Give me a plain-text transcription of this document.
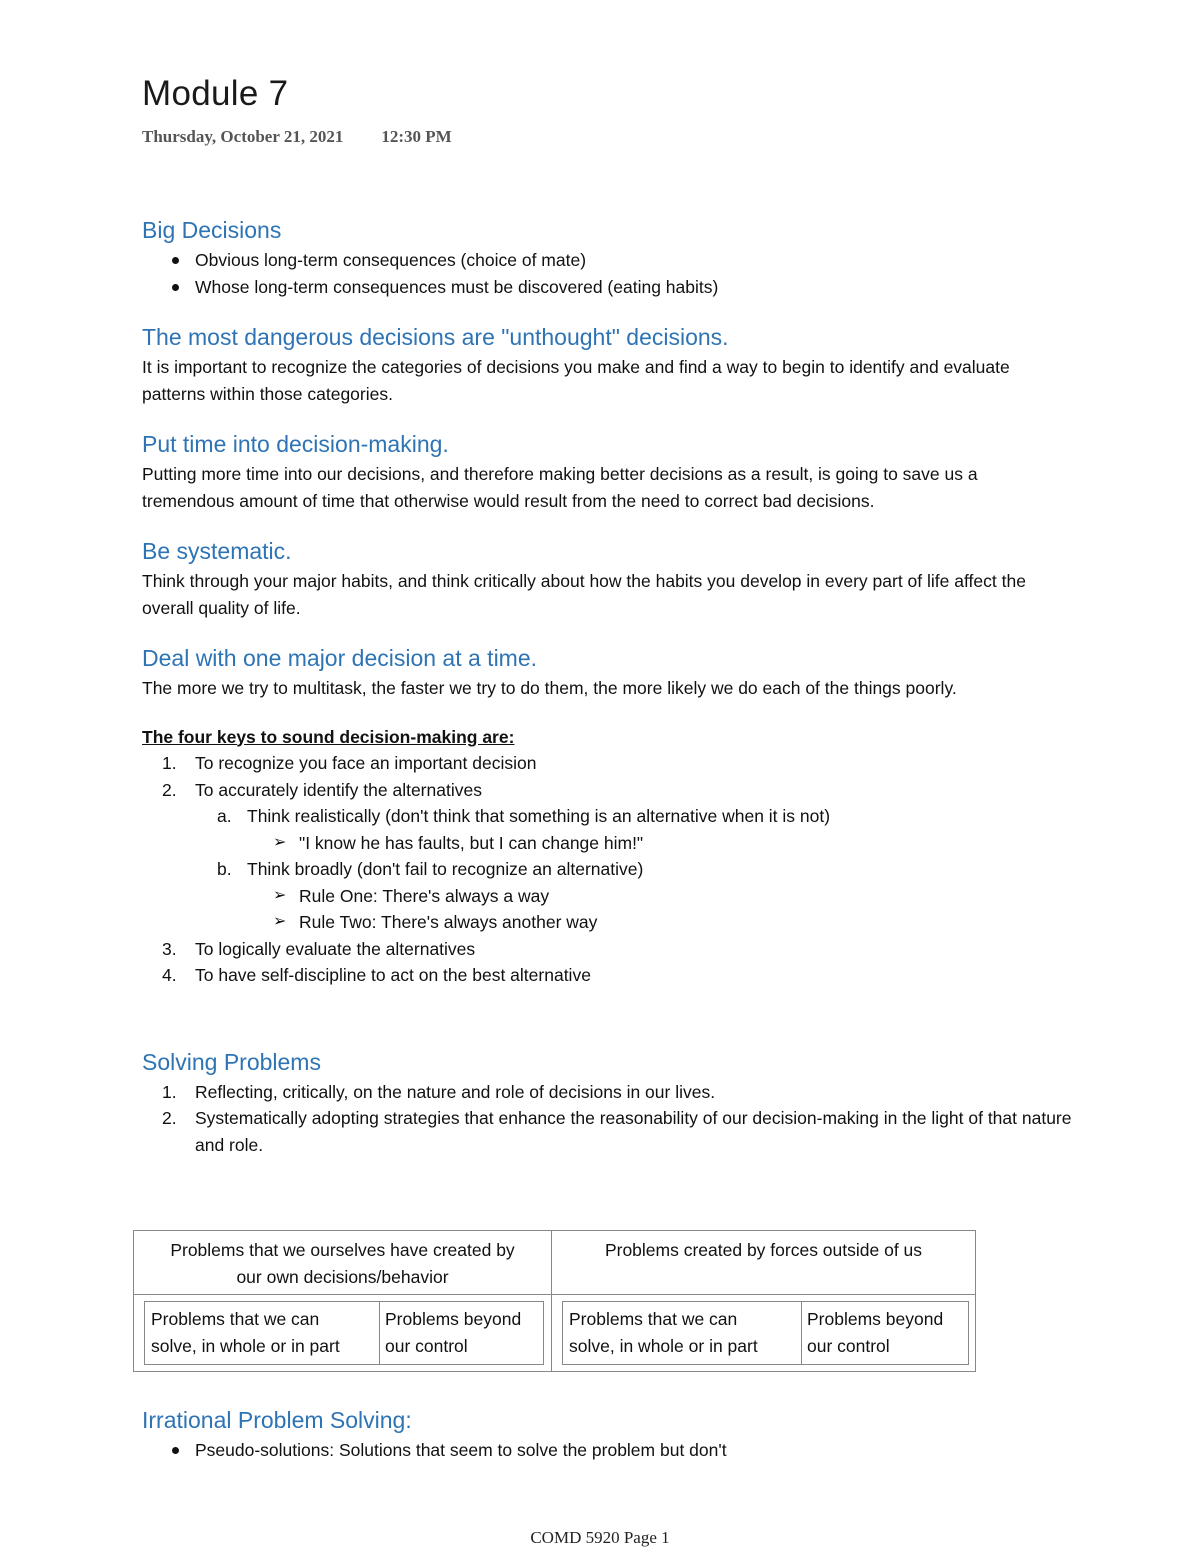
Module 7
Thursday, October 21, 2021 12:30 PM
Big Decisions
Obvious long-term consequences (choice of mate)
Whose long-term consequences must be discovered (eating habits)
The most dangerous decisions are "unthought" decisions.

It is important to recognize the categories of decisions you make and find a way to begin to identify and evaluate patterns within those categories.

Put time into decision-making.

Putting more time into our decisions, and therefore making better decisions as a result, is going to save us a tremendous amount of time that otherwise would result from the need to correct bad decisions.

Be systematic.

Think through your major habits, and think critically about how the habits you develop in every part of life affect the overall quality of life.

Deal with one major decision at a time.

The more we try to multitask, the faster we try to do them, the more likely we do each of the things poorly.

The four keys to sound decision-making are:
1. To recognize you face an important decision
2. To accurately identify the alternatives
a. Think realistically (don't think that something is an alternative when it is not)
➢ "I know he has faults, but I can change him!"
b. Think broadly (don't fail to recognize an alternative)
➢ Rule One: There's always a way
➢ Rule Two: There's always another way
3. To logically evaluate the alternatives
4. To have self-discipline to act on the best alternative
Solving Problems
1. Reflecting, critically, on the nature and role of decisions in our lives.
2. Systematically adopting strategies that enhance the reasonability of our decision-making in the light of that nature and role.
Problems that we ourselves have created by
our own decisions/behavior
Problems created by forces outside of us
Problems that we can
solve, in whole or in part
Problems beyond
our control
Problems that we can
solve, in whole or in part
Problems beyond
our control
Irrational Problem Solving:
Pseudo-solutions: Solutions that seem to solve the problem but don't
COMD 5920 Page 1
